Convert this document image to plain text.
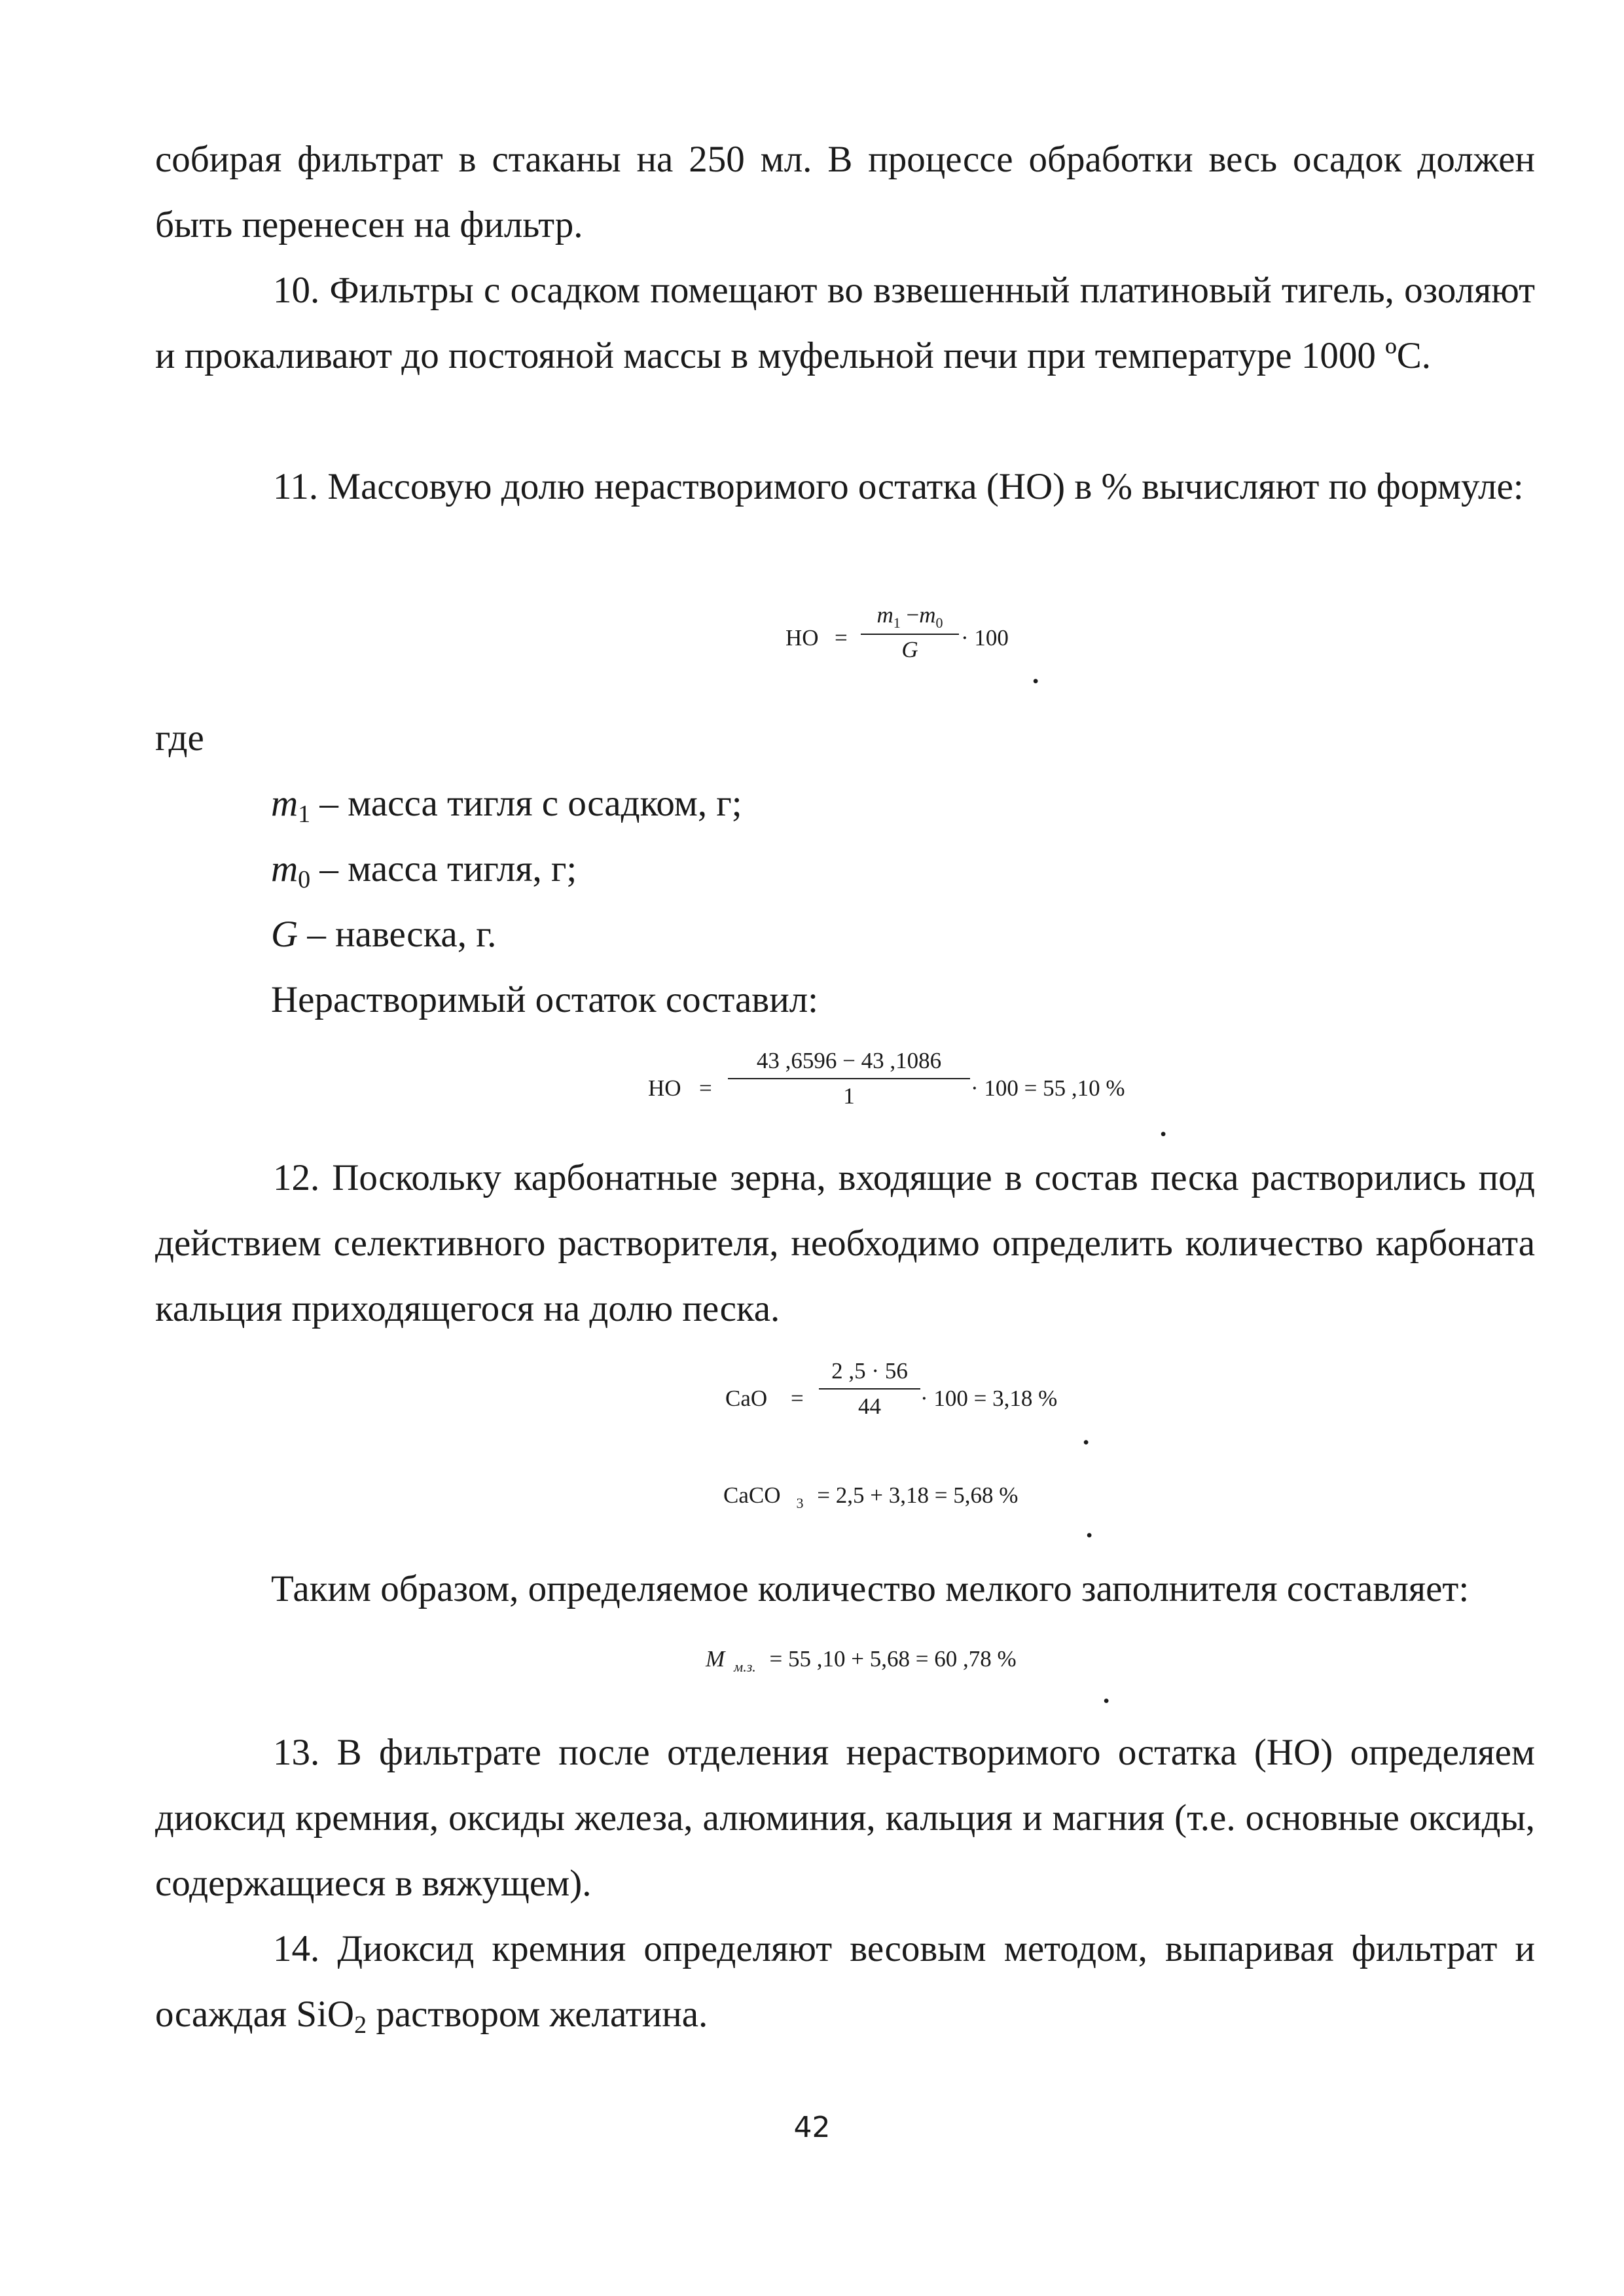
собирая фильтрат в стаканы на 250 мл. В процессе обработки весь осадок должен быть перенесен на фильтр.
10. Фильтры с осадком помещают во взвешенный платиновый тигель, озоляют и прокаливают до постояной массы в муфельной печи при температуре 1000 ºC.
11. Массовую долю нерастворимого остатка (НО) в % вычисляют по формуле:
НО =
$m_1 -m_0$
G · 100
.
где
$m_1$ – масса тигля с осадком, г;
$m_0$ – масса тигля, г;
G – навеска, г.
Нерастворимый остаток составил:
НО =
43 ,6596 − 43 ,1086
1	· 100 = 55 ,10 %
.
12. Поскольку карбонатные зерна, входящие в состав песка растворились под действием селективного растворителя, необходимо определить количество карбоната кальция приходящегося на долю песка.
CaO =
2 ,5 · 56
44 · 100 = 3,18 %
.
CaCO $_3$ = 2,5 + 3,18 = 5,68 %
.
Таким образом, определяемое количество мелкого заполнителя составляет:
M $_{м.з.}$ = 55 ,10 + 5,68 = 60 ,78 %
.
13. В фильтрате после отделения нерастворимого остатка (НО) определяем диоксид кремния, оксиды железа, алюминия, кальция и магния (т.е. основные оксиды, содержащиеся в вяжущем).
14. Диоксид кремния определяют весовым методом, выпаривая фильтрат и осаждая SiO$_2$ раствором желатина.
42
